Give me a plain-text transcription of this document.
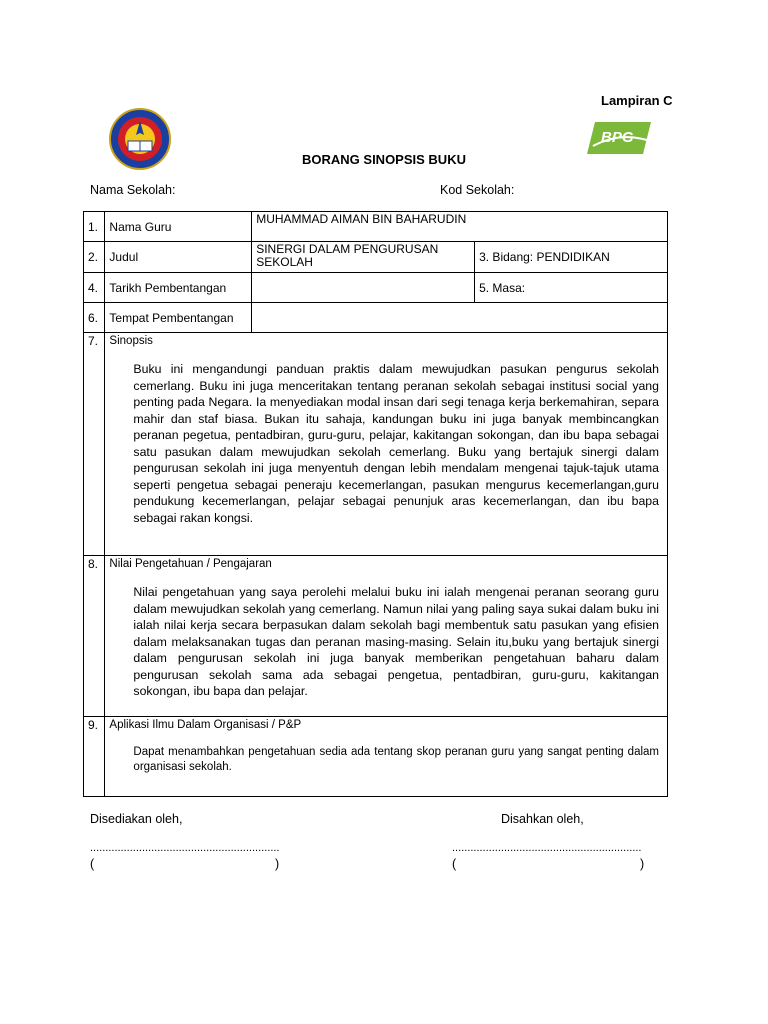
Lampiran C
BPG
BORANG SINOPSIS BUKU
Nama Sekolah:	Kod Sekolah:
1.	Nama Guru	MUHAMMAD AIMAN BIN BAHARUDIN	
2.	Judul	SINERGI DALAM PENGURUSAN SEKOLAH	3. Bidang: PENDIDIKAN
4.	Tarikh Pembentangan		5. Masa:
6.	Tempat Pembentangan		
7.	Sinopsis
Buku ini mengandungi panduan praktis dalam mewujudkan pasukan pengurus sekolah cemerlang. Buku ini juga menceritakan tentang peranan sekolah sebagai institusi social yang penting pada Negara. Ia menyediakan modal insan dari segi tenaga kerja berkemahiran, separa mahir dan staf biasa. Bukan itu sahaja, kandungan buku ini juga banyak membincangkan peranan pegetua, pentadbiran, guru-guru, pelajar, kakitangan sokongan, dan ibu bapa sebagai satu pasukan dalam mewujudkan sekolah cemerlang. Buku yang bertajuk sinergi dalam pengurusan sekolah ini juga menyentuh dengan lebih mendalam mengenai tajuk-tajuk utama seperti pengetua sebagai peneraju kecemerlangan, pasukan mengurus kecemerlangan,guru pendukung kecemerlangan, pelajar sebagai penunjuk aras kecemerlangan, dan ibu bapa sebagai rakan kongsi.		

8.	Nilai Pengetahuan / Pengajaran
Nilai pengetahuan yang saya perolehi melalui buku ini ialah mengenai peranan seorang guru dalam mewujudkan sekolah yang cemerlang. Namun nilai yang paling saya sukai dalam buku ini ialah nilai kerja secara berpasukan dalam sekolah bagi membentuk satu pasukan yang efisien dalam melaksanakan tugas dan peranan masing-masing. Selain itu,buku yang bertajuk sinergi dalam pengurusan sekolah ini juga banyak memberikan pengetahuan baharu dalam pengurusan sekolah sama ada sebagai pengetua, pentadbiran, guru-guru, kakitangan sokongan, ibu bapa dan pelajar.		

9.	Aplikasi Ilmu Dalam Organisasi / P&P
Dapat menambahkan pengetahuan sedia ada tentang skop peranan guru yang sangat penting dalam organisasi sekolah.		
Disediakan oleh,	Disahkan oleh,
..............................................................	..............................................................
(	)	(	)
